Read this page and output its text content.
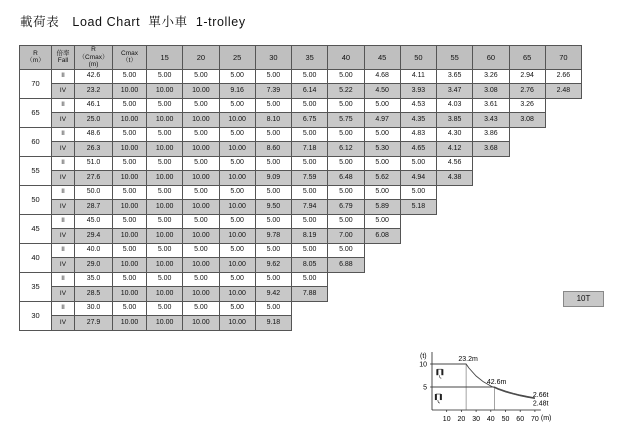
載荷表　Load Chart  單小車  1-trolley
R
（m）	倍率
Fall	R
（Cmax）
(m)	Cmax
（t）	15	20	25	30	35	40	45	50	55	60	65	70
70	II	42.6	5.00	5.00	5.00	5.00	5.00	5.00	5.00	4.68	4.11	3.65	3.26	2.94	2.66
	IV	23.2	10.00	10.00	10.00	9.16	7.39	6.14	5.22	4.50	3.93	3.47	3.08	2.76	2.48
65	II	46.1	5.00	5.00	5.00	5.00	5.00	5.00	5.00	5.00	4.53	4.03	3.61	3.26	
	IV	25.0	10.00	10.00	10.00	10.00	8.10	6.75	5.75	4.97	4.35	3.85	3.43	3.08	
60	II	48.6	5.00	5.00	5.00	5.00	5.00	5.00	5.00	5.00	4.83	4.30	3.86		
	IV	26.3	10.00	10.00	10.00	10.00	8.60	7.18	6.12	5.30	4.65	4.12	3.68		
55	II	51.0	5.00	5.00	5.00	5.00	5.00	5.00	5.00	5.00	5.00	4.56			
	IV	27.6	10.00	10.00	10.00	10.00	9.09	7.59	6.48	5.62	4.94	4.38			
50	II	50.0	5.00	5.00	5.00	5.00	5.00	5.00	5.00	5.00	5.00				
	IV	28.7	10.00	10.00	10.00	10.00	9.50	7.94	6.79	5.89	5.18				
45	II	45.0	5.00	5.00	5.00	5.00	5.00	5.00	5.00	5.00					
	IV	29.4	10.00	10.00	10.00	10.00	9.78	8.19	7.00	6.08					
40	II	40.0	5.00	5.00	5.00	5.00	5.00	5.00	5.00						
	IV	29.0	10.00	10.00	10.00	10.00	9.62	8.05	6.88						
35	II	35.0	5.00	5.00	5.00	5.00	5.00	5.00							
	IV	28.5	10.00	10.00	10.00	10.00	9.42	7.88							
30	II	30.0	5.00	5.00	5.00	5.00	5.00								
	IV	27.9	10.00	10.00	10.00	10.00	9.18								
10T
(t)
(m)
10 20 30 40 50 60 70
5
10
23.2m
42.6m
2.66t
2.48t
